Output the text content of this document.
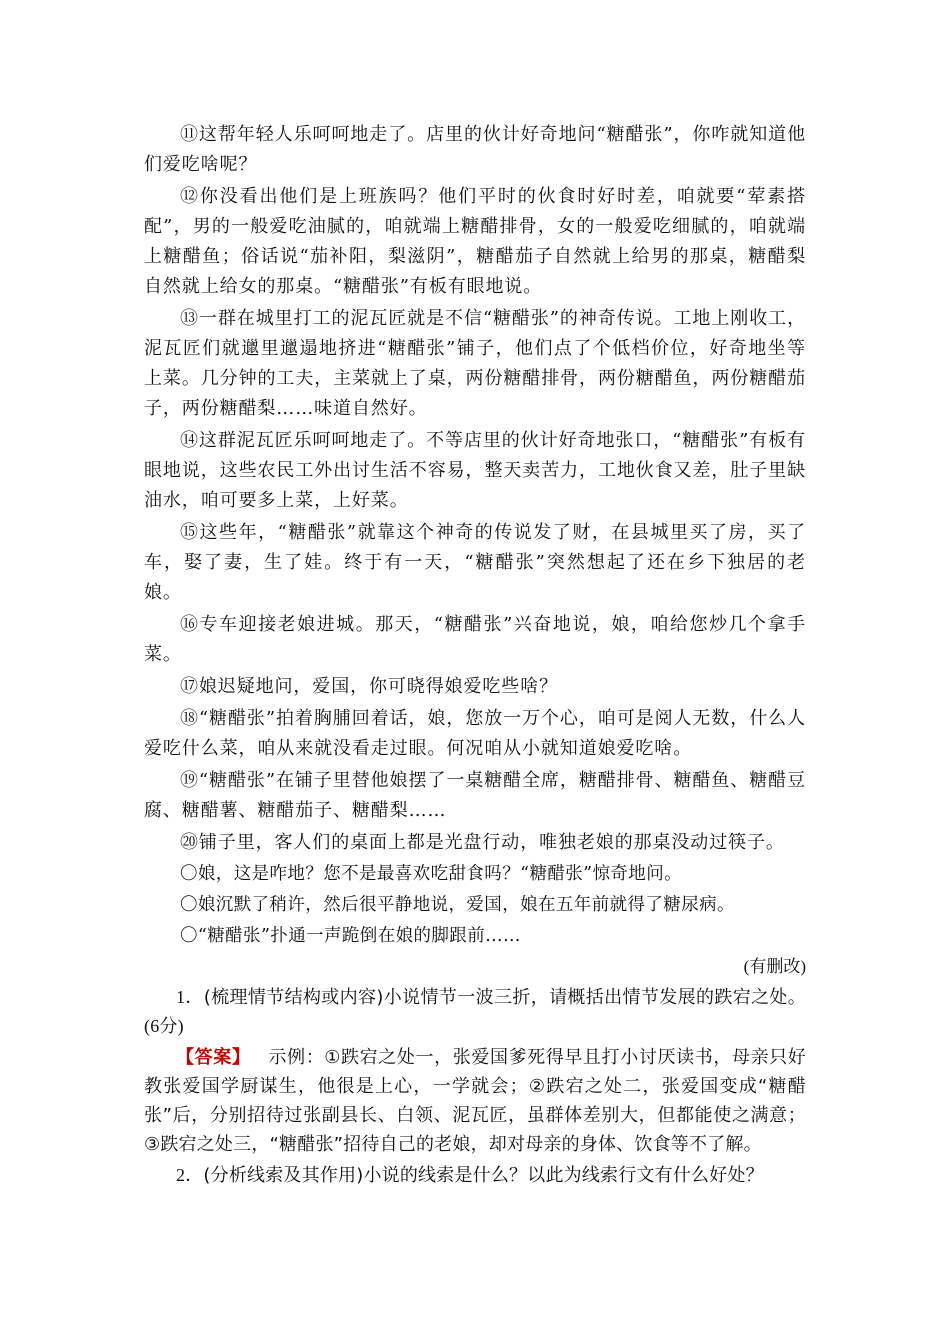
⑪这帮年轻人乐呵呵地走了。店里的伙计好奇地问“糖醋张”，你咋就知道他们爱吃啥呢？

⑫你没看出他们是上班族吗？他们平时的伙食时好时差，咱就要“荤素搭配”，男的一般爱吃油腻的，咱就端上糖醋排骨，女的一般爱吃细腻的，咱就端上糖醋鱼；俗话说“茄补阳，梨滋阴”，糖醋茄子自然就上给男的那桌，糖醋梨自然就上给女的那桌。“糖醋张”有板有眼地说。

⑬一群在城里打工的泥瓦匠就是不信“糖醋张”的神奇传说。工地上刚收工，泥瓦匠们就邋里邋遢地挤进“糖醋张”铺子，他们点了个低档价位，好奇地坐等上菜。几分钟的工夫，主菜就上了桌，两份糖醋排骨，两份糖醋鱼，两份糖醋茄子，两份糖醋梨……味道自然好。

⑭这群泥瓦匠乐呵呵地走了。不等店里的伙计好奇地张口，“糖醋张”有板有眼地说，这些农民工外出讨生活不容易，整天卖苦力，工地伙食又差，肚子里缺油水，咱可要多上菜，上好菜。

⑮这些年，“糖醋张”就靠这个神奇的传说发了财，在县城里买了房，买了车，娶了妻，生了娃。终于有一天，“糖醋张”突然想起了还在乡下独居的老娘。

⑯专车迎接老娘进城。那天，“糖醋张”兴奋地说，娘，咱给您炒几个拿手菜。

⑰娘迟疑地问，爱国，你可晓得娘爱吃些啥？

⑱“糖醋张”拍着胸脯回着话，娘，您放一万个心，咱可是阅人无数，什么人爱吃什么菜，咱从来就没看走过眼。何况咱从小就知道娘爱吃啥。

⑲“糖醋张”在铺子里替他娘摆了一桌糖醋全席，糖醋排骨、糖醋鱼、糖醋豆腐、糖醋薯、糖醋茄子、糖醋梨……

⑳铺子里，客人们的桌面上都是光盘行动，唯独老娘的那桌没动过筷子。

〇娘，这是咋地？您不是最喜欢吃甜食吗？“糖醋张”惊奇地问。

〇娘沉默了稍许，然后很平静地说，爱国，娘在五年前就得了糖尿病。

〇“糖醋张”扑通一声跪倒在娘的脚跟前……

(有删改)

1．(梳理情节结构或内容)小说情节一波三折，请概括出情节发展的跌宕之处。(6分)

【答案】 示例：①跌宕之处一，张爱国爹死得早且打小讨厌读书，母亲只好教张爱国学厨谋生，他很是上心，一学就会；②跌宕之处二，张爱国变成“糖醋张”后，分别招待过张副县长、白领、泥瓦匠，虽群体差别大，但都能使之满意；③跌宕之处三，“糖醋张”招待自己的老娘，却对母亲的身体、饮食等不了解。

2．(分析线索及其作用)小说的线索是什么？以此为线索行文有什么好处？
